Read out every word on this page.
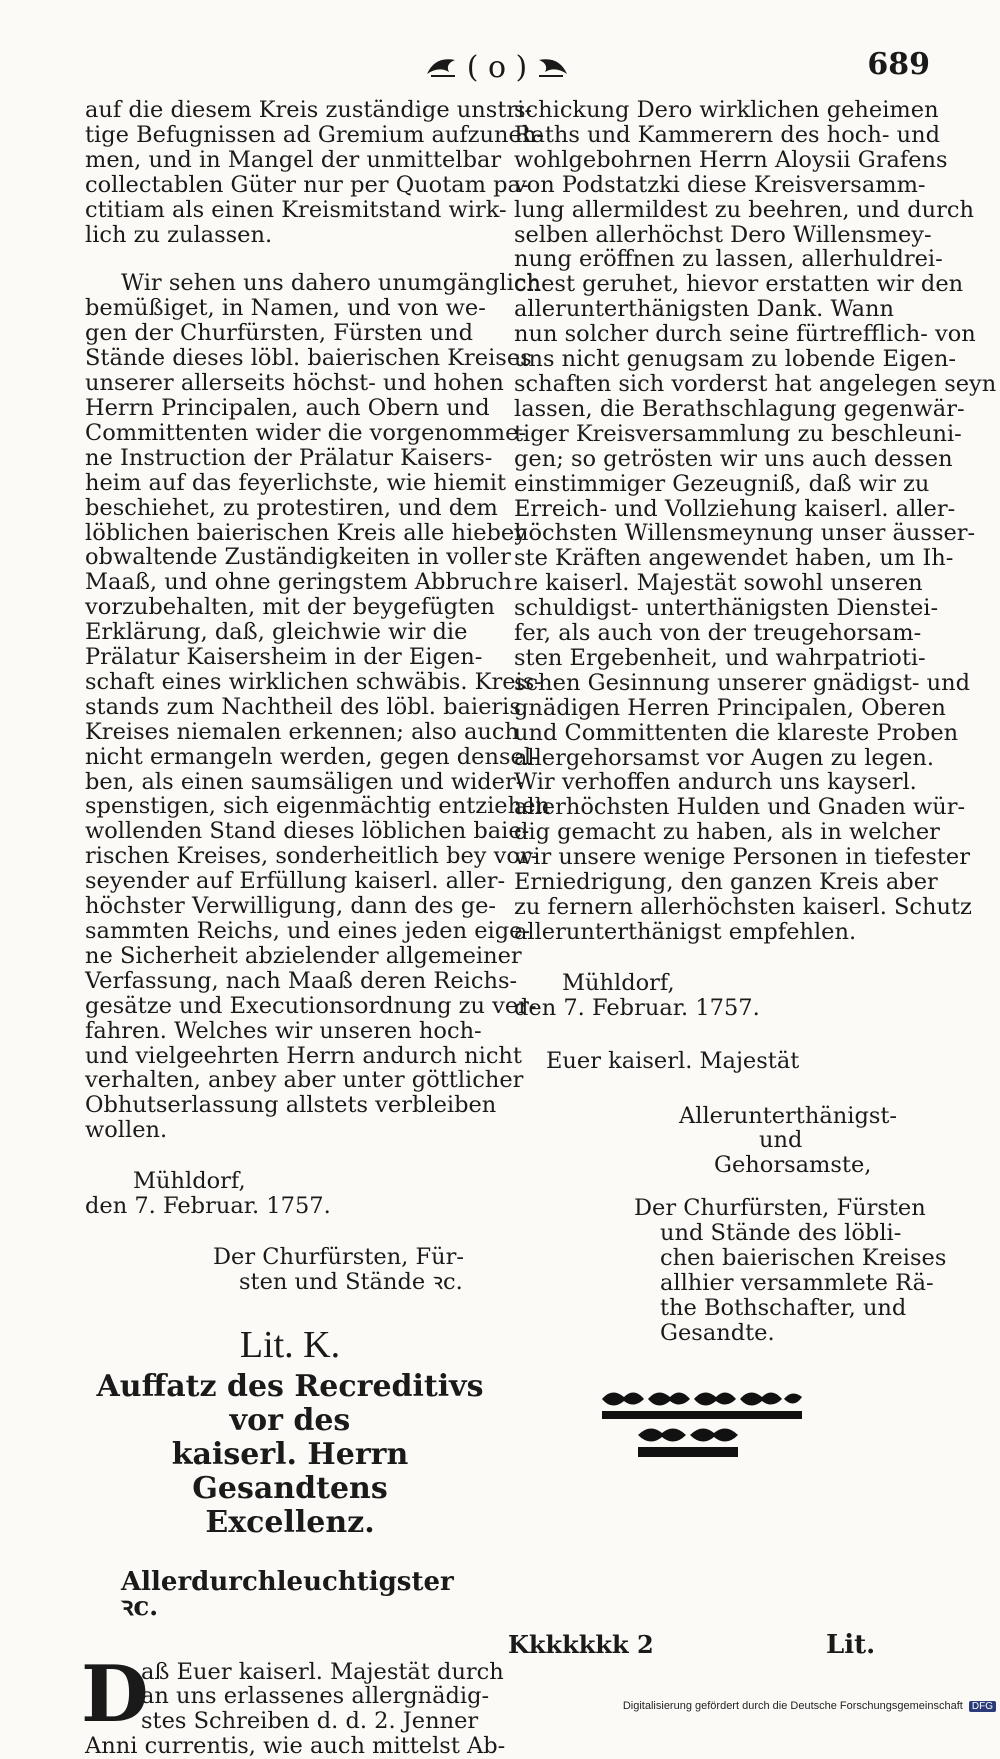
( o )	689

auf die diesem Kreis zuständige unstri-
tige Befugnissen ad Gremium aufzuneh-
men, und in Mangel der unmittelbar
collectablen Güter nur per Quotam pa-
ctitiam als einen Kreismitstand wirk-
lich zu zulassen.

Wir sehen uns dahero unumgänglich
bemüßiget, in Namen, und von we-
gen der Churfürsten, Fürsten und
Stände dieses löbl. baierischen Kreises
unserer allerseits höchst- und hohen
Herrn Principalen, auch Obern und
Committenten wider die vorgenomme-
ne Instruction der Prälatur Kaisers-
heim auf das feyerlichste, wie hiemit
beschiehet, zu protestiren, und dem
löblichen baierischen Kreis alle hiebey
obwaltende Zuständigkeiten in voller
Maaß, und ohne geringstem Abbruch
vorzubehalten, mit der beygefügten
Erklärung, daß, gleichwie wir die
Prälatur Kaisersheim in der Eigen-
schaft eines wirklichen schwäbis. Kreis-
stands zum Nachtheil des löbl. baieris.
Kreises niemalen erkennen; also auch
nicht ermangeln werden, gegen densel-
ben, als einen saumsäligen und wider-
spenstigen, sich eigenmächtig entziehen
wollenden Stand dieses löblichen baie-
rischen Kreises, sonderheitlich bey vor-
seyender auf Erfüllung kaiserl. aller-
höchster Verwilligung, dann des ge-
sammten Reichs, und eines jeden eige-
ne Sicherheit abzielender allgemeiner
Verfassung, nach Maaß deren Reichs-
gesätze und Executionsordnung zu ver-
fahren. Welches wir unseren hoch-
und vielgeehrten Herrn andurch nicht
verhalten, anbey aber unter göttlicher
Obhutserlassung allstets verbleiben
wollen.

Mühldorf,
den 7. Februar. 1757.
Der Churfürsten, Für-
sten und Stände ꝛc.
Lit. K.
Auffatz des Recreditivs vor des
kaiserl. Herrn Gesandtens
Excellenz.
Allerdurchleuchtigster ꝛc.
D
aß Euer kaiserl. Majestät durch
an uns erlassenes allergnädig-
stes Schreiben d. d. 2. Jenner
Anni currentis, wie auch mittelst Ab-

schickung Dero wirklichen geheimen
Raths und Kammerern des hoch- und
wohlgebohrnen Herrn Aloysii Grafens
von Podstatzki diese Kreisversamm-
lung allermildest zu beehren, und durch
selben allerhöchst Dero Willensmey-
nung eröffnen zu lassen, allerhuldrei-
chest geruhet, hievor erstatten wir den
allerunterthänigsten Dank. Wann
nun solcher durch seine fürtrefflich- von
uns nicht genugsam zu lobende Eigen-
schaften sich vorderst hat angelegen seyn
lassen, die Berathschlagung gegenwär-
tiger Kreisversammlung zu beschleuni-
gen; so getrösten wir uns auch dessen
einstimmiger Gezeugniß, daß wir zu
Erreich- und Vollziehung kaiserl. aller-
höchsten Willensmeynung unser äusser-
ste Kräften angewendet haben, um Ih-
re kaiserl. Majestät sowohl unseren
schuldigst- unterthänigsten Dienstei-
fer, als auch von der treugehorsam-
sten Ergebenheit, und wahrpatrioti-
schen Gesinnung unserer gnädigst- und
gnädigen Herren Principalen, Oberen
und Committenten die klareste Proben
allergehorsamst vor Augen zu legen.
Wir verhoffen andurch uns kayserl.
allerhöchsten Hulden und Gnaden wür-
dig gemacht zu haben, als in welcher
wir unsere wenige Personen in tiefester
Erniedrigung, den ganzen Kreis aber
zu fernern allerhöchsten kaiserl. Schutz
allerunterthänigst empfehlen.

Mühldorf,
den 7. Februar. 1757.
Euer kaiserl. Majestät
Allerunterthänigst-
und
Gehorsamste,
Der Churfürsten, Fürsten
und Stände des löbli-
chen baierischen Kreises
allhier versammlete Rä-
the Bothschafter, und
Gesandte.
Kkkkkkk 2	Lit.
Digitalisierung gefördert durch die Deutsche Forschungsgemeinschaft DFG
